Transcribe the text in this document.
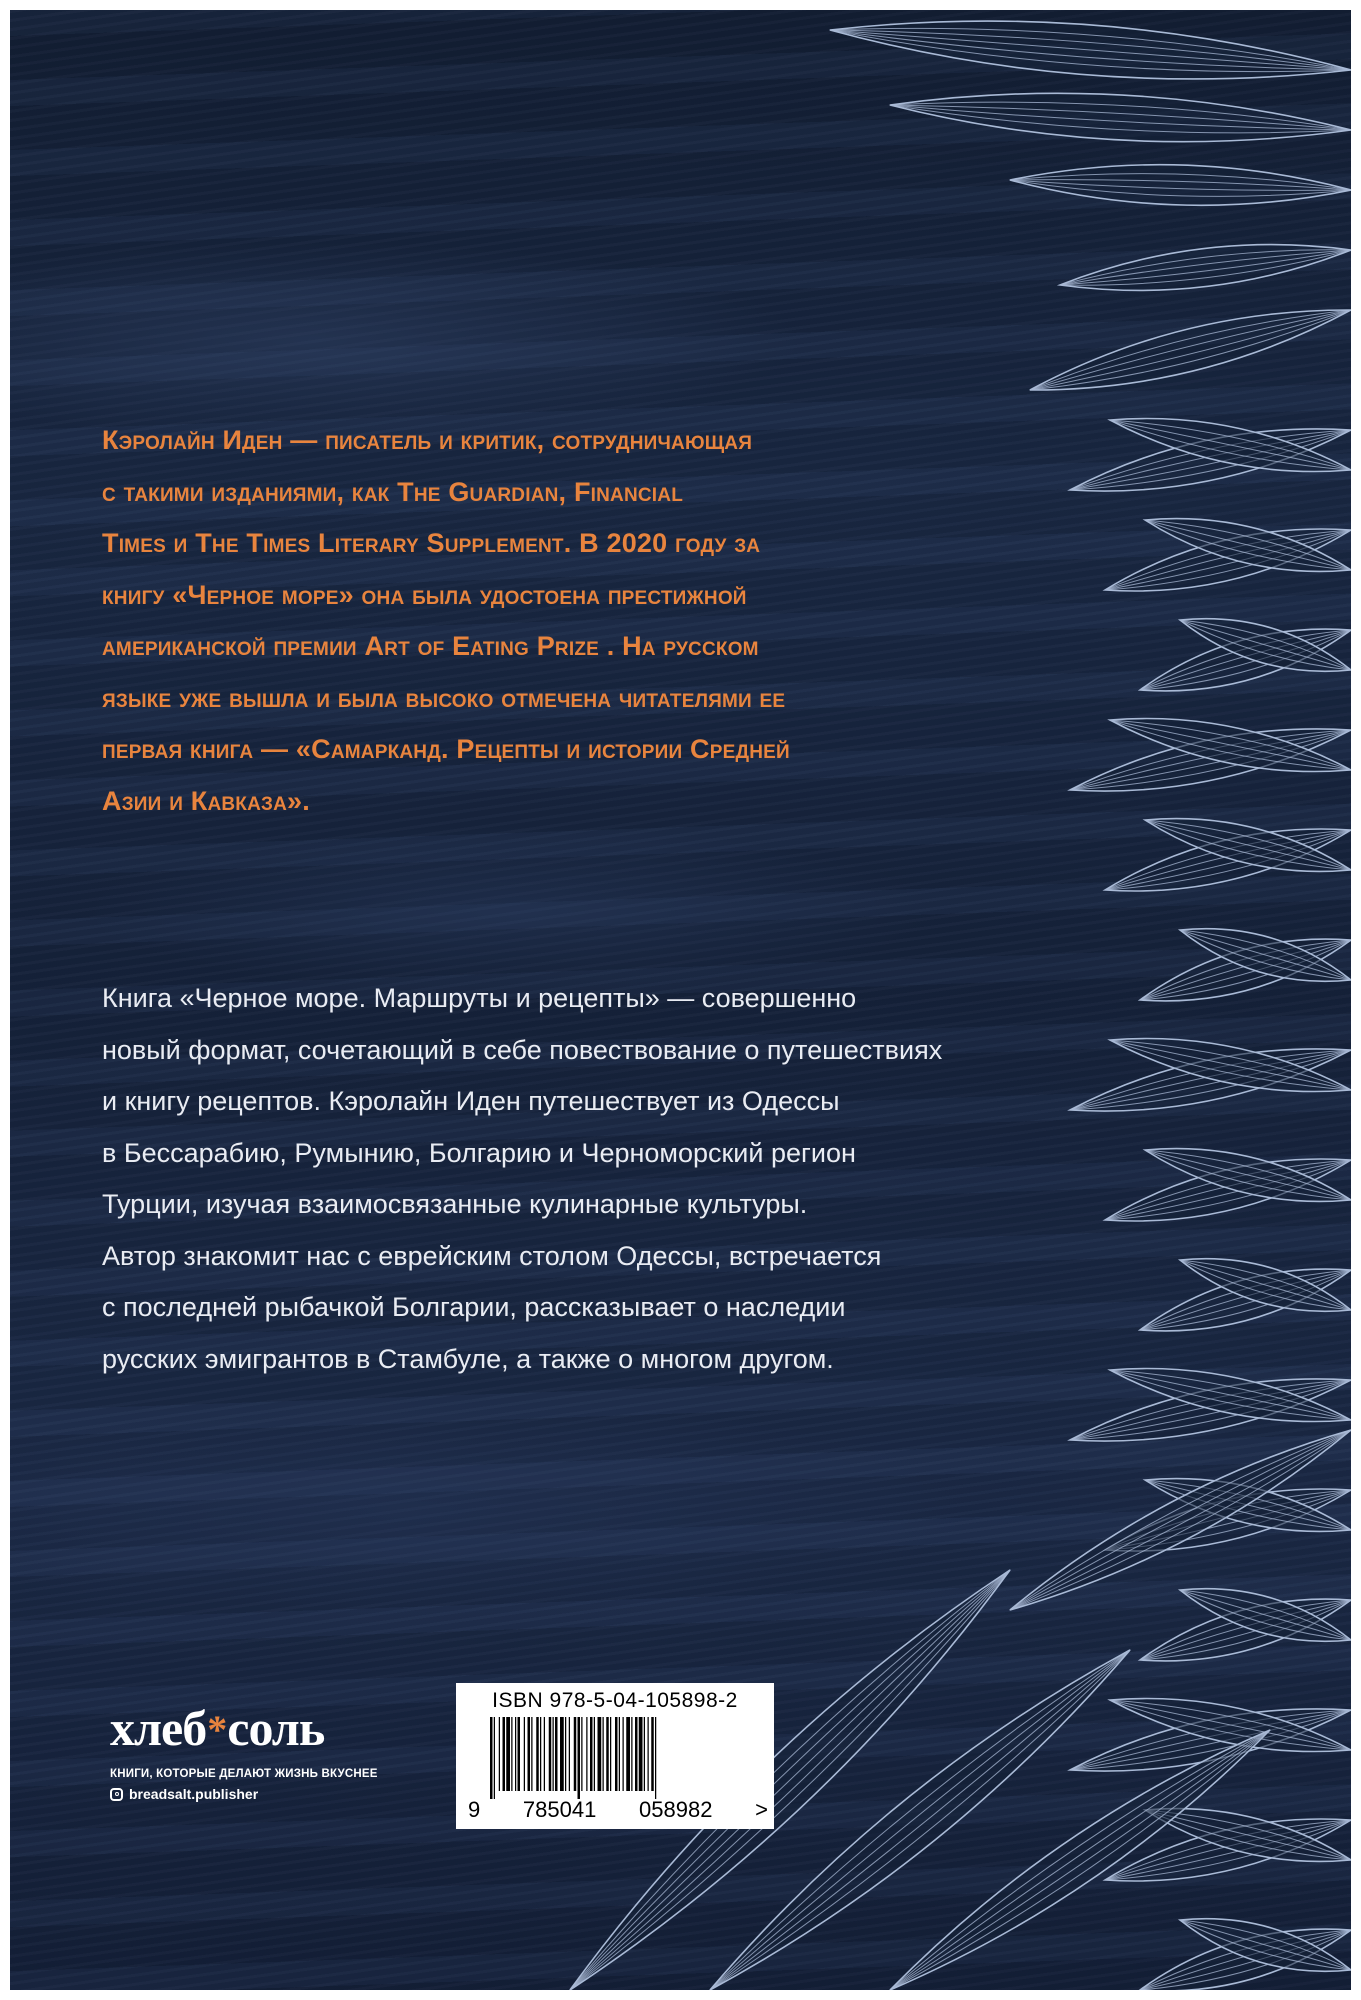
Кэролайн Иден — писатель и критик, сотрудничающая
с такими изданиями, как The Guardian, Financial
Times и The Times Literary Supplement. В 2020 году за
книгу «Черное море» она была удостоена престижной
американской премии Art of Eating Prize . На русском
языке уже вышла и была высоко отмечена читателями ее
первая книга — «Самарканд. Рецепты и истории Средней
Азии и Кавказа».
Книга «Черное море. Маршруты и рецепты» — совершенно
новый формат, сочетающий в себе повествование о путешествиях
и книгу рецептов. Кэролайн Иден путешествует из Одессы
в Бессарабию, Румынию, Болгарию и Черноморский регион
Турции, изучая взаимосвязанные кулинарные культуры.
Автор знакомит нас с еврейским столом Одессы, встречается
с последней рыбачкой Болгарии, рассказывает о наследии
русских эмигрантов в Стамбуле, а также о многом другом.
хлеб*соль
КНИГИ, КОТОРЫЕ ДЕЛАЮТ ЖИЗНЬ ВКУСНЕЕ
breadsalt.publisher
ISBN 978-5-04-105898-2
9 785041 058982 >
